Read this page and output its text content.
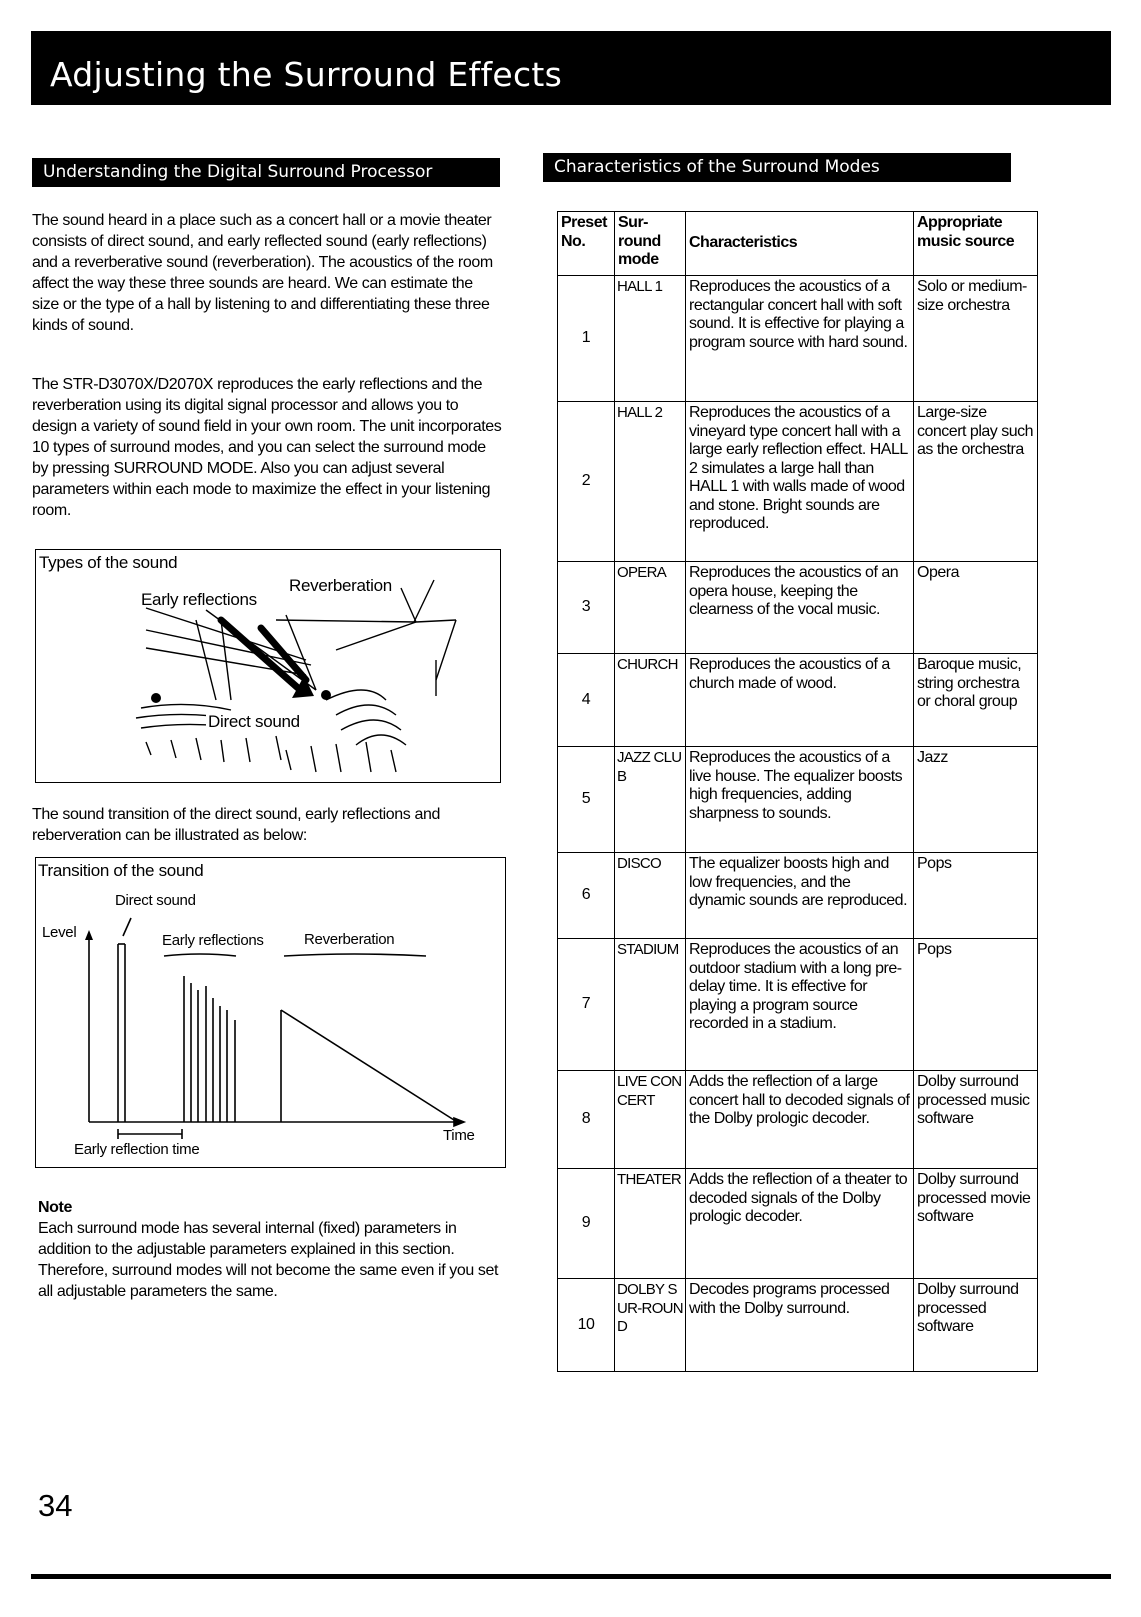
Adjusting the Surround Effects
Understanding the Digital Surround Processor
The sound heard in a place such as a concert hall or a movie theater consists of direct sound, and early reflected sound (early reflections) and a reverberative sound (reverberation). The acoustics of the room affect the way these three sounds are heard. We can estimate the size or the type of a hall by listening to and differentiating these three kinds of sound.
The STR-D3070X/D2070X reproduces the early reflections and the reverberation using its digital signal processor and allows you to design a variety of sound field in your own room. The unit incorporates 10 types of surround modes, and you can select the surround mode by pressing SURROUND MODE. Also you can adjust several parameters within each mode to maximize the effect in your listening room.
Types of the sound
Early reflections
Reverberation
Direct sound
The sound transition of the direct sound, early reflections and reberveration can be illustrated as below:
Transition of the sound
Direct sound
Level	Early reflections	Reverberation
Time
Early reflection time
Note
Each surround mode has several internal (fixed) parameters in addition to the adjustable parameters explained in this section. Therefore, surround modes will not become the same even if you set all adjustable parameters the same.
Characteristics of the Surround Modes
Preset No.	Sur-round mode	Characteristics	Appropriate music source
1	HALL 1	Reproduces the acoustics of a rectangular concert hall with soft sound. It is effective for playing a program source with hard sound.	Solo or medium-size orchestra
2	HALL 2	Reproduces the acoustics of a vineyard type concert hall with a large early reflection effect. HALL 2 simulates a large hall than HALL 1 with walls made of wood and stone. Bright sounds are reproduced.	Large-size concert play such as the orchestra
3	OPERA	Reproduces the acoustics of an opera house, keeping the clearness of the vocal music.	Opera
4	CHURCH	Reproduces the acoustics of a church made of wood.	Baroque music, string orchestra or choral group
5	JAZZ CLUB	Reproduces the acoustics of a live house. The equalizer boosts high frequencies, adding sharpness to sounds.	Jazz
6	DISCO	The equalizer boosts high and low frequencies, and the dynamic sounds are reproduced.	Pops
7	STADIUM	Reproduces the acoustics of an outdoor stadium with a long pre-delay time. It is effective for playing a program source recorded in a stadium.	Pops
8	LIVE CONCERT	Adds the reflection of a large concert hall to decoded signals of the Dolby prologic decoder.	Dolby surround processed music software
9	THEATER	Adds the reflection of a theater to decoded signals of the Dolby prologic decoder.	Dolby surround processed movie software
10	DOLBY SUR-ROUND	Decodes programs processed with the Dolby surround.	Dolby surround processed software
34
